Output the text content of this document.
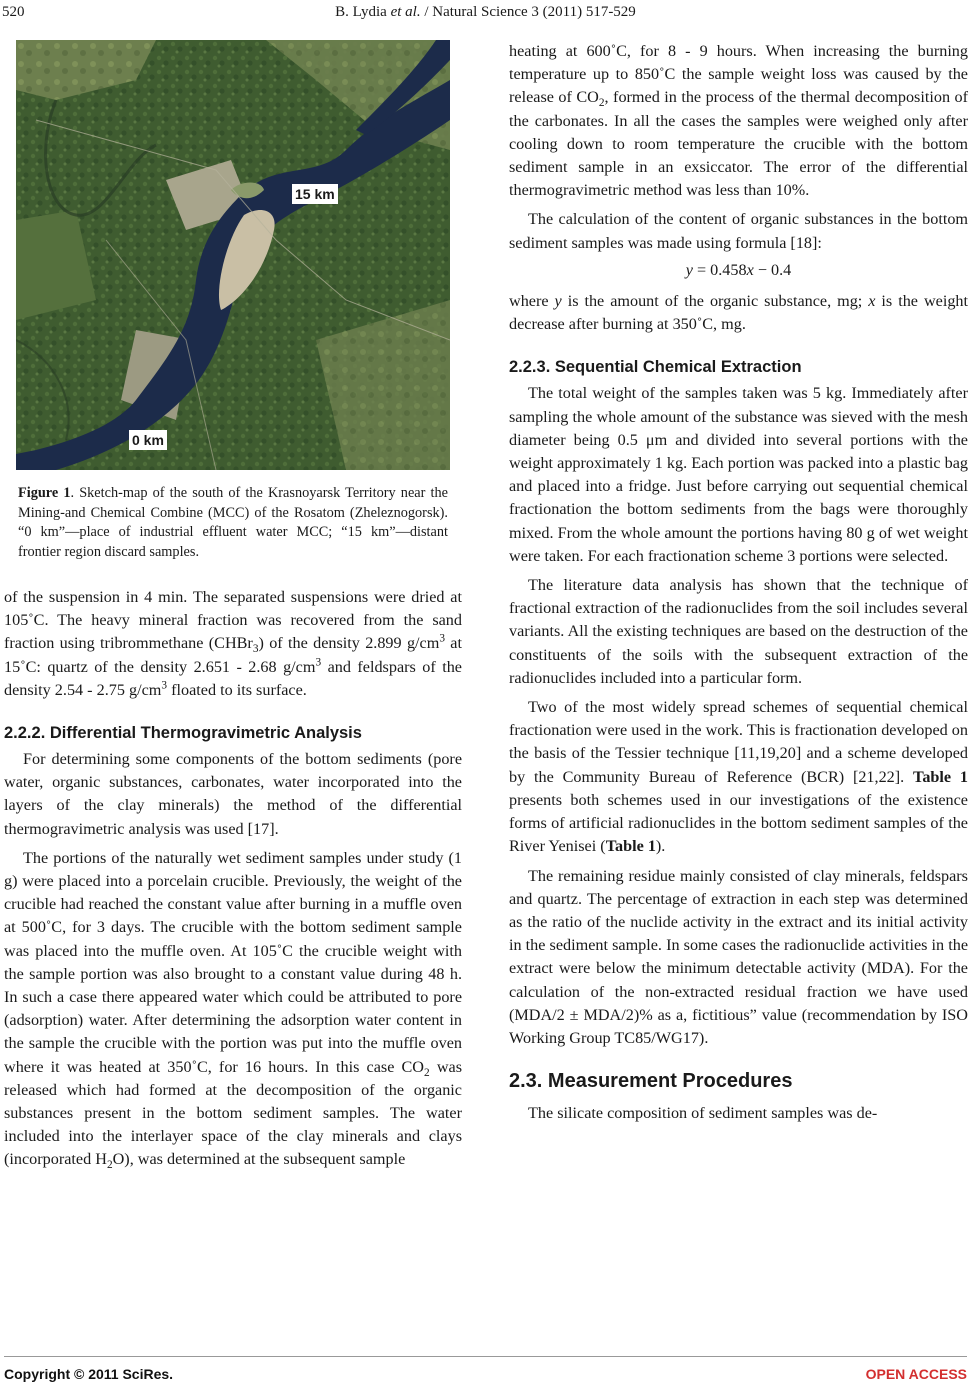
520	B. Lydia et al. / Natural Science 3 (2011) 517-529
15 km
0 km
Figure 1. Sketch-map of the south of the Krasnoyarsk Territory near the Mining-and Chemical Combine (MCC) of the Rosatom (Zheleznogorsk). “0 km”—place of industrial effluent water MCC; “15 km”—distant frontier region discard samples.

of the suspension in 4 min. The separated suspensions were dried at 105˚C. The heavy mineral fraction was recovered from the sand fraction using tribrommethane (CHBr$_3$) of the density 2.899 $g/cm^3$ at 15˚C: quartz of the density 2.651 - 2.68 $g/cm^3$ and feldspars of the density 2.54 - 2.75 $g/cm^3$ floated to its surface.

2.2.2. Differential Thermogravimetric Analysis

For determining some components of the bottom sediments (pore water, organic substances, carbonates, water incorporated into the layers of the clay minerals) the method of the differential thermogravimetric analysis was used [17].

The portions of the naturally wet sediment samples under study (1 g) were placed into a porcelain crucible. Previously, the weight of the crucible had reached the constant value after burning in a muffle oven at 500˚C, for 3 days. The crucible with the bottom sediment sample was placed into the muffle oven. At 105˚C the crucible weight with the sample portion was also brought to a constant value during 48 h. In such a case there appeared water which could be attributed to pore (adsorption) water. After determining the adsorption water content in the sample the crucible with the portion was put into the muffle oven where it was heated at 350˚C, for 16 hours. In this case $CO_2$ was released which had formed at the decomposition of the organic substances present in the bottom sediment samples. The water included into the interlayer space of the clay minerals and clays (incorporated $H_2O$), was determined at the subsequent sample

heating at 600˚C, for 8 - 9 hours. When increasing the burning temperature up to 850˚C the sample weight loss was caused by the release of $CO_2$, formed in the process of the thermal decomposition of the carbonates. In all the cases the samples were weighed only after cooling down to room temperature the crucible with the bottom sediment sample in an exsiccator. The error of the differential thermogravimetric method was less than 10%.

The calculation of the content of organic substances in the bottom sediment samples was made using formula [18]:

y = 0.458x − 0.4

where y is the amount of the organic substance, mg; x is the weight decrease after burning at 350˚C, mg.

2.2.3. Sequential Chemical Extraction

The total weight of the samples taken was 5 kg. Immediately after sampling the whole amount of the substance was sieved with the mesh diameter being 0.5 μm and divided into several portions with the weight approximately 1 kg. Each portion was packed into a plastic bag and placed into a fridge. Just before carrying out sequential chemical fractionation the bottom sediments from the bags were thoroughly mixed. From the whole amount the portions having 80 g of wet weight were taken. For each fractionation scheme 3 portions were selected.

The literature data analysis has shown that the technique of fractional extraction of the radionuclides from the soil includes several variants. All the existing techniques are based on the destruction of the constituents of the soils with the subsequent extraction of the radionuclides included into a particular form.

Two of the most widely spread schemes of sequential chemical fractionation were used in the work. This is fractionation developed on the basis of the Tessier technique [11,19,20] and a scheme developed by the Community Bureau of Reference (BCR) [21,22]. Table 1 presents both schemes used in our investigations of the existence forms of artificial radionuclides in the bottom sediment samples of the River Yenisei (Table 1).

The remaining residue mainly consisted of clay minerals, feldspars and quartz. The percentage of extraction in each step was determined as the ratio of the nuclide activity in the extract and its initial activity in the sediment sample. In some cases the radionuclide activities in the extract were below the minimum detectable activity (MDA). For the calculation of the non-extracted residual fraction we have used (MDA/2 ± MDA/2)% as a, fictitious” value (recommendation by ISO Working Group TC85/WG17).

2.3. Measurement Procedures

The silicate composition of sediment samples was de-

Copyright © 2011 SciRes.	OPEN ACCESS
